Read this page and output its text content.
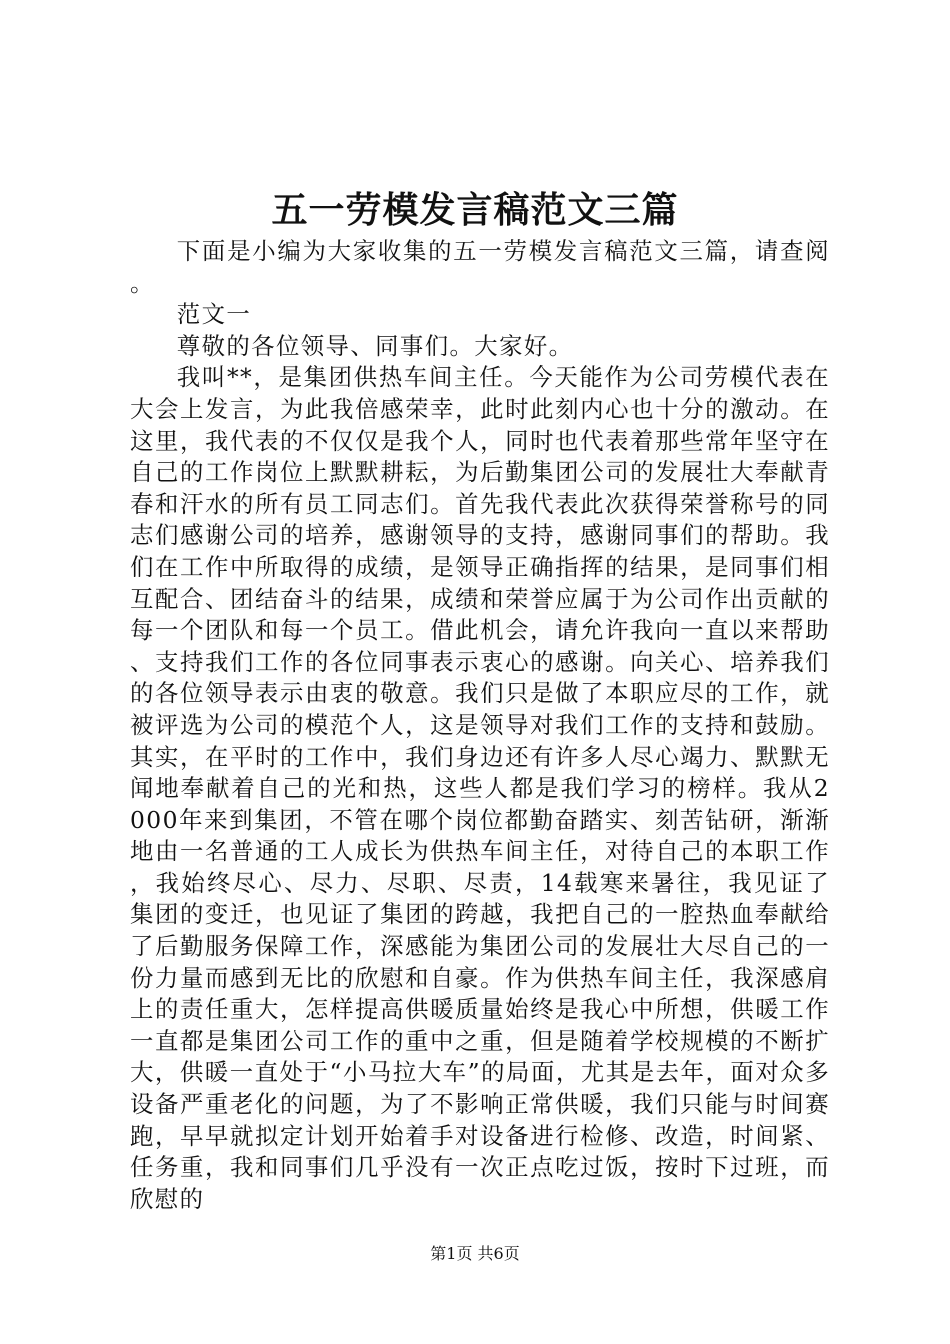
五一劳模发言稿范文三篇

下面是小编为大家收集的五一劳模发言稿范文三篇，请查阅。

范文一

尊敬的各位领导、同事们。大家好。

我叫**，是集团供热车间主任。今天能作为公司劳模代表在大会上发言，为此我倍感荣幸，此时此刻内心也十分的激动。在这里，我代表的不仅仅是我个人，同时也代表着那些常年坚守在自己的工作岗位上默默耕耘，为后勤集团公司的发展壮大奉献青春和汗水的所有员工同志们。首先我代表此次获得荣誉称号的同志们感谢公司的培养，感谢领导的支持，感谢同事们的帮助。我们在工作中所取得的成绩，是领导正确指挥的结果，是同事们相互配合、团结奋斗的结果，成绩和荣誉应属于为公司作出贡献的每一个团队和每一个员工。借此机会，请允许我向一直以来帮助、支持我们工作的各位同事表示衷心的感谢。向关心、培养我们的各位领导表示由衷的敬意。我们只是做了本职应尽的工作，就被评选为公司的模范个人，这是领导对我们工作的支持和鼓励。其实，在平时的工作中，我们身边还有许多人尽心竭力、默默无闻地奉献着自己的光和热，这些人都是我们学习的榜样。我从2000年来到集团，不管在哪个岗位都勤奋踏实、刻苦钻研，渐渐地由一名普通的工人成长为供热车间主任，对待自己的本职工作，我始终尽心、尽力、尽职、尽责，14载寒来暑往，我见证了集团的变迁，也见证了集团的跨越，我把自己的一腔热血奉献给了后勤服务保障工作，深感能为集团公司的发展壮大尽自己的一份力量而感到无比的欣慰和自豪。作为供热车间主任，我深感肩上的责任重大，怎样提高供暖质量始终是我心中所想，供暖工作一直都是集团公司工作的重中之重，但是随着学校规模的不断扩大，供暖一直处于“小马拉大车”的局面，尤其是去年，面对众多设备严重老化的问题，为了不影响正常供暖，我们只能与时间赛跑，早早就拟定计划开始着手对设备进行检修、改造，时间紧、任务重，我和同事们几乎没有一次正点吃过饭，按时下过班，而欣慰的

第1页 共6页
